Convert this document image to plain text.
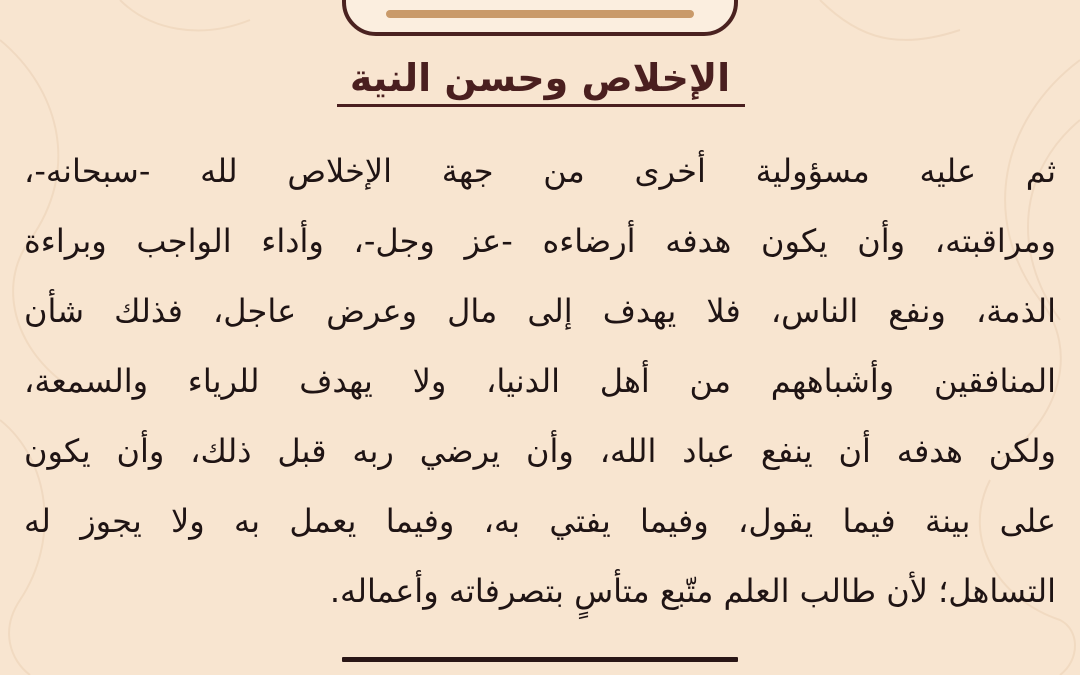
الإخلاص وحسن النية

ثم عليه مسؤولية أخرى من جهة الإخلاص لله -سبحانه-،
ومراقبته، وأن يكون هدفه أرضاءه -عز وجل-، وأداء الواجب وبراءة
الذمة، ونفع الناس، فلا يهدف إلى مال وعرض عاجل، فذلك شأن
المنافقين وأشباههم من أهل الدنيا، ولا يهدف للرياء والسمعة،
ولكن هدفه أن ينفع عباد الله، وأن يرضي ربه قبل ذلك، وأن يكون
على بينة فيما يقول، وفيما يفتي به، وفيما يعمل به ولا يجوز له
التساهل؛ لأن طالب العلم متّبع متأسٍ بتصرفاته وأعماله.
